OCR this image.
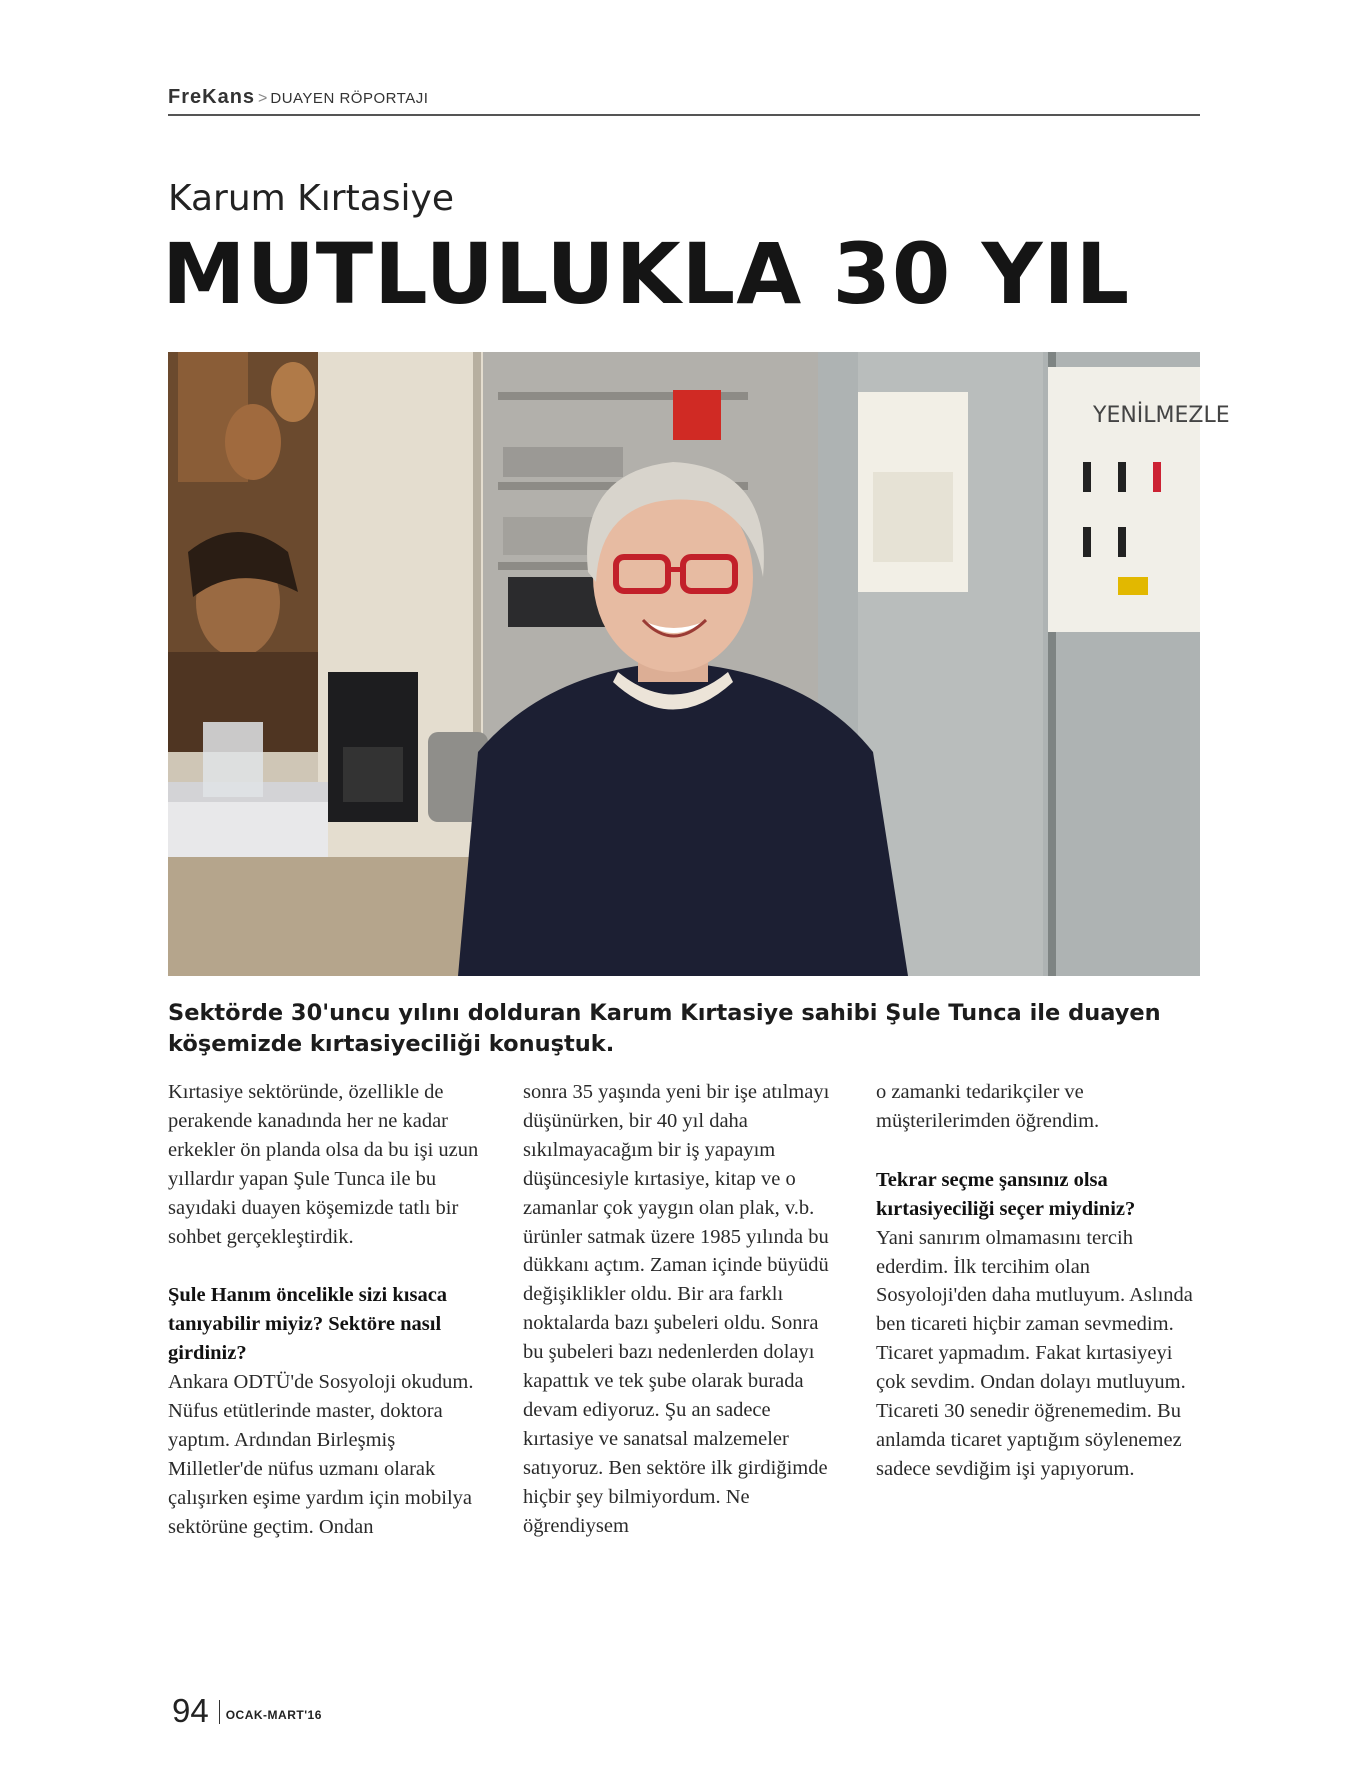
FreKans > DUAYEN RÖPORTAJI
Karum Kırtasiye
MUTLULUKLA 30 YIL
YENİLMEZLE
Sektörde 30'uncu yılını dolduran Karum Kırtasiye sahibi Şule Tunca ile duayen köşemizde kırtasiyeciliği konuştuk.

Kırtasiye sektöründe, özellikle de perakende kanadında her ne kadar erkekler ön planda olsa da bu işi uzun yıllardır yapan Şule Tunca ile bu sayıdaki duayen köşemizde tatlı bir sohbet gerçekleştirdik.

Şule Hanım öncelikle sizi kısaca tanıyabilir miyiz? Sektöre nasıl girdiniz?

Ankara ODTÜ'de Sosyoloji okudum. Nüfus etütlerinde master, doktora yaptım. Ardından Birleşmiş Milletler'de nüfus uzmanı olarak çalışırken eşime yardım için mobilya sektörüne geçtim. Ondan

sonra 35 yaşında yeni bir işe atılmayı düşünürken, bir 40 yıl daha sıkılmayacağım bir iş yapayım düşüncesiyle kırtasiye, kitap ve o zamanlar çok yaygın olan plak, v.b. ürünler satmak üzere 1985 yılında bu dükkanı açtım. Zaman içinde büyüdü değişiklikler oldu. Bir ara farklı noktalarda bazı şubeleri oldu. Sonra bu şubeleri bazı nedenlerden dolayı kapattık ve tek şube olarak burada devam ediyoruz. Şu an sadece kırtasiye ve sanatsal malzemeler satıyoruz. Ben sektöre ilk girdiğimde hiçbir şey bilmiyordum. Ne öğrendiysem

o zamanki tedarikçiler ve müşterilerimden öğrendim.

Tekrar seçme şansınız olsa kırtasiyeciliği seçer miydiniz?

Yani sanırım olmamasını tercih ederdim. İlk tercihim olan Sosyoloji'den daha mutluyum. Aslında ben ticareti hiçbir zaman sevmedim. Ticaret yapmadım. Fakat kırtasiyeyi çok sevdim. Ondan dolayı mutluyum. Ticareti 30 senedir öğrenemedim. Bu anlamda ticaret yaptığım söylenemez sadece sevdiğim işi yapıyorum.

94 OCAK-MART'16
